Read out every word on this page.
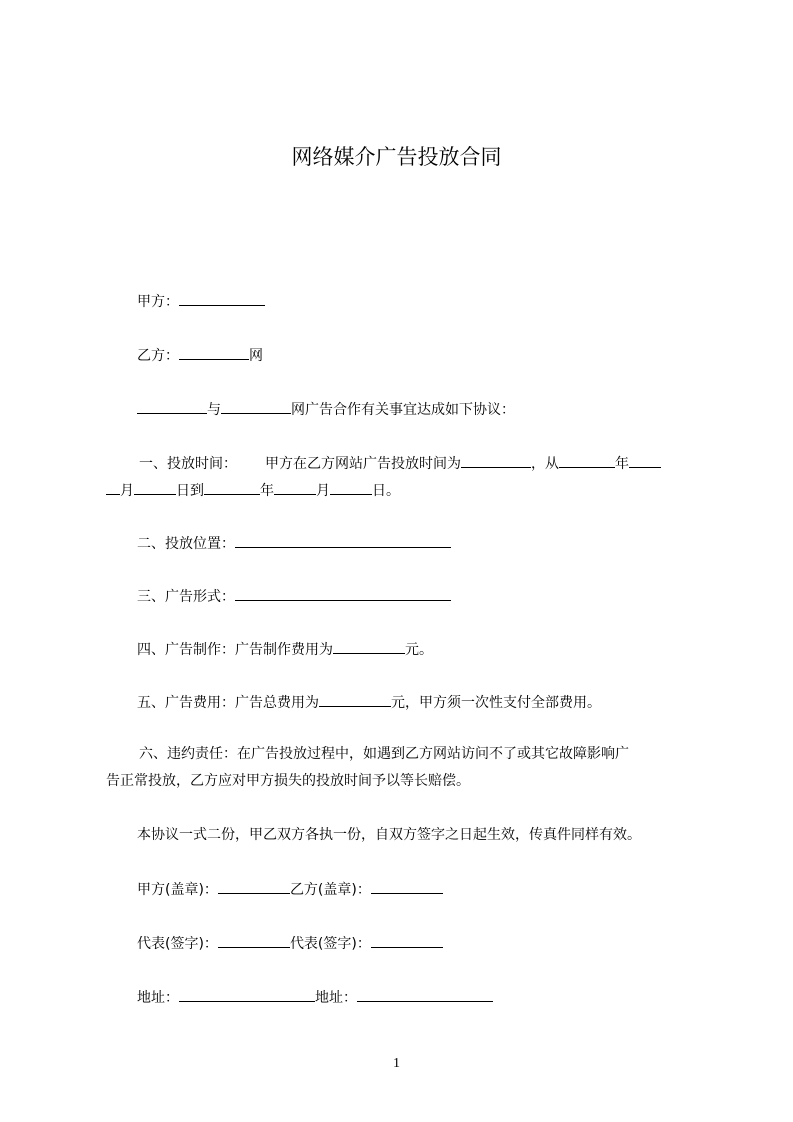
网络媒介广告投放合同
甲方：
乙方：	网
与	网广告合作有关事宜达成如下协议：
一、投放时间： 甲方在乙方网站广告投放时间为	，从	年
月	日到	年	月	日。
二、投放位置：
三、广告形式：
四、广告制作：广告制作费用为	元。
五、广告费用：广告总费用为	元，甲方须一次性支付全部费用。
六、违约责任：在广告投放过程中，如遇到乙方网站访问不了或其它故障影响广
告正常投放，乙方应对甲方损失的投放时间予以等长赔偿。
本协议一式二份，甲乙双方各执一份，自双方签字之日起生效，传真件同样有效。
甲方(盖章)：	乙方(盖章)：
代表(签字)：	代表(签字)：
地址：	地址：
1
